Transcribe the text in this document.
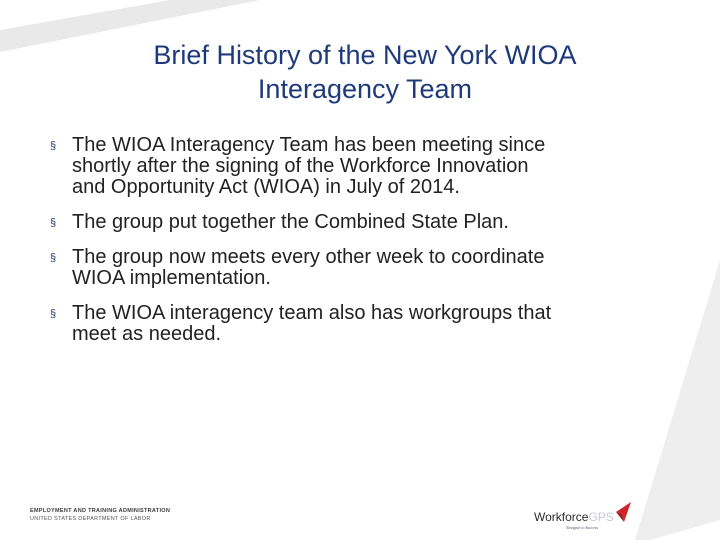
Brief History of the New York WIOA
Interagency Team
§ The WIOA Interagency Team has been meeting since
shortly after the signing of the Workforce Innovation
and Opportunity Act (WIOA) in July of 2014.
§ The group put together the Combined State Plan.
§ The group now meets every other week to coordinate
WIOA implementation.
§ The WIOA interagency team also has workgroups that
meet as needed.
EMPLOYMENT AND TRAINING ADMINISTRATION
UNITED STATES DEPARTMENT OF LABOR	WorkforceGPS
Navigate to Success
